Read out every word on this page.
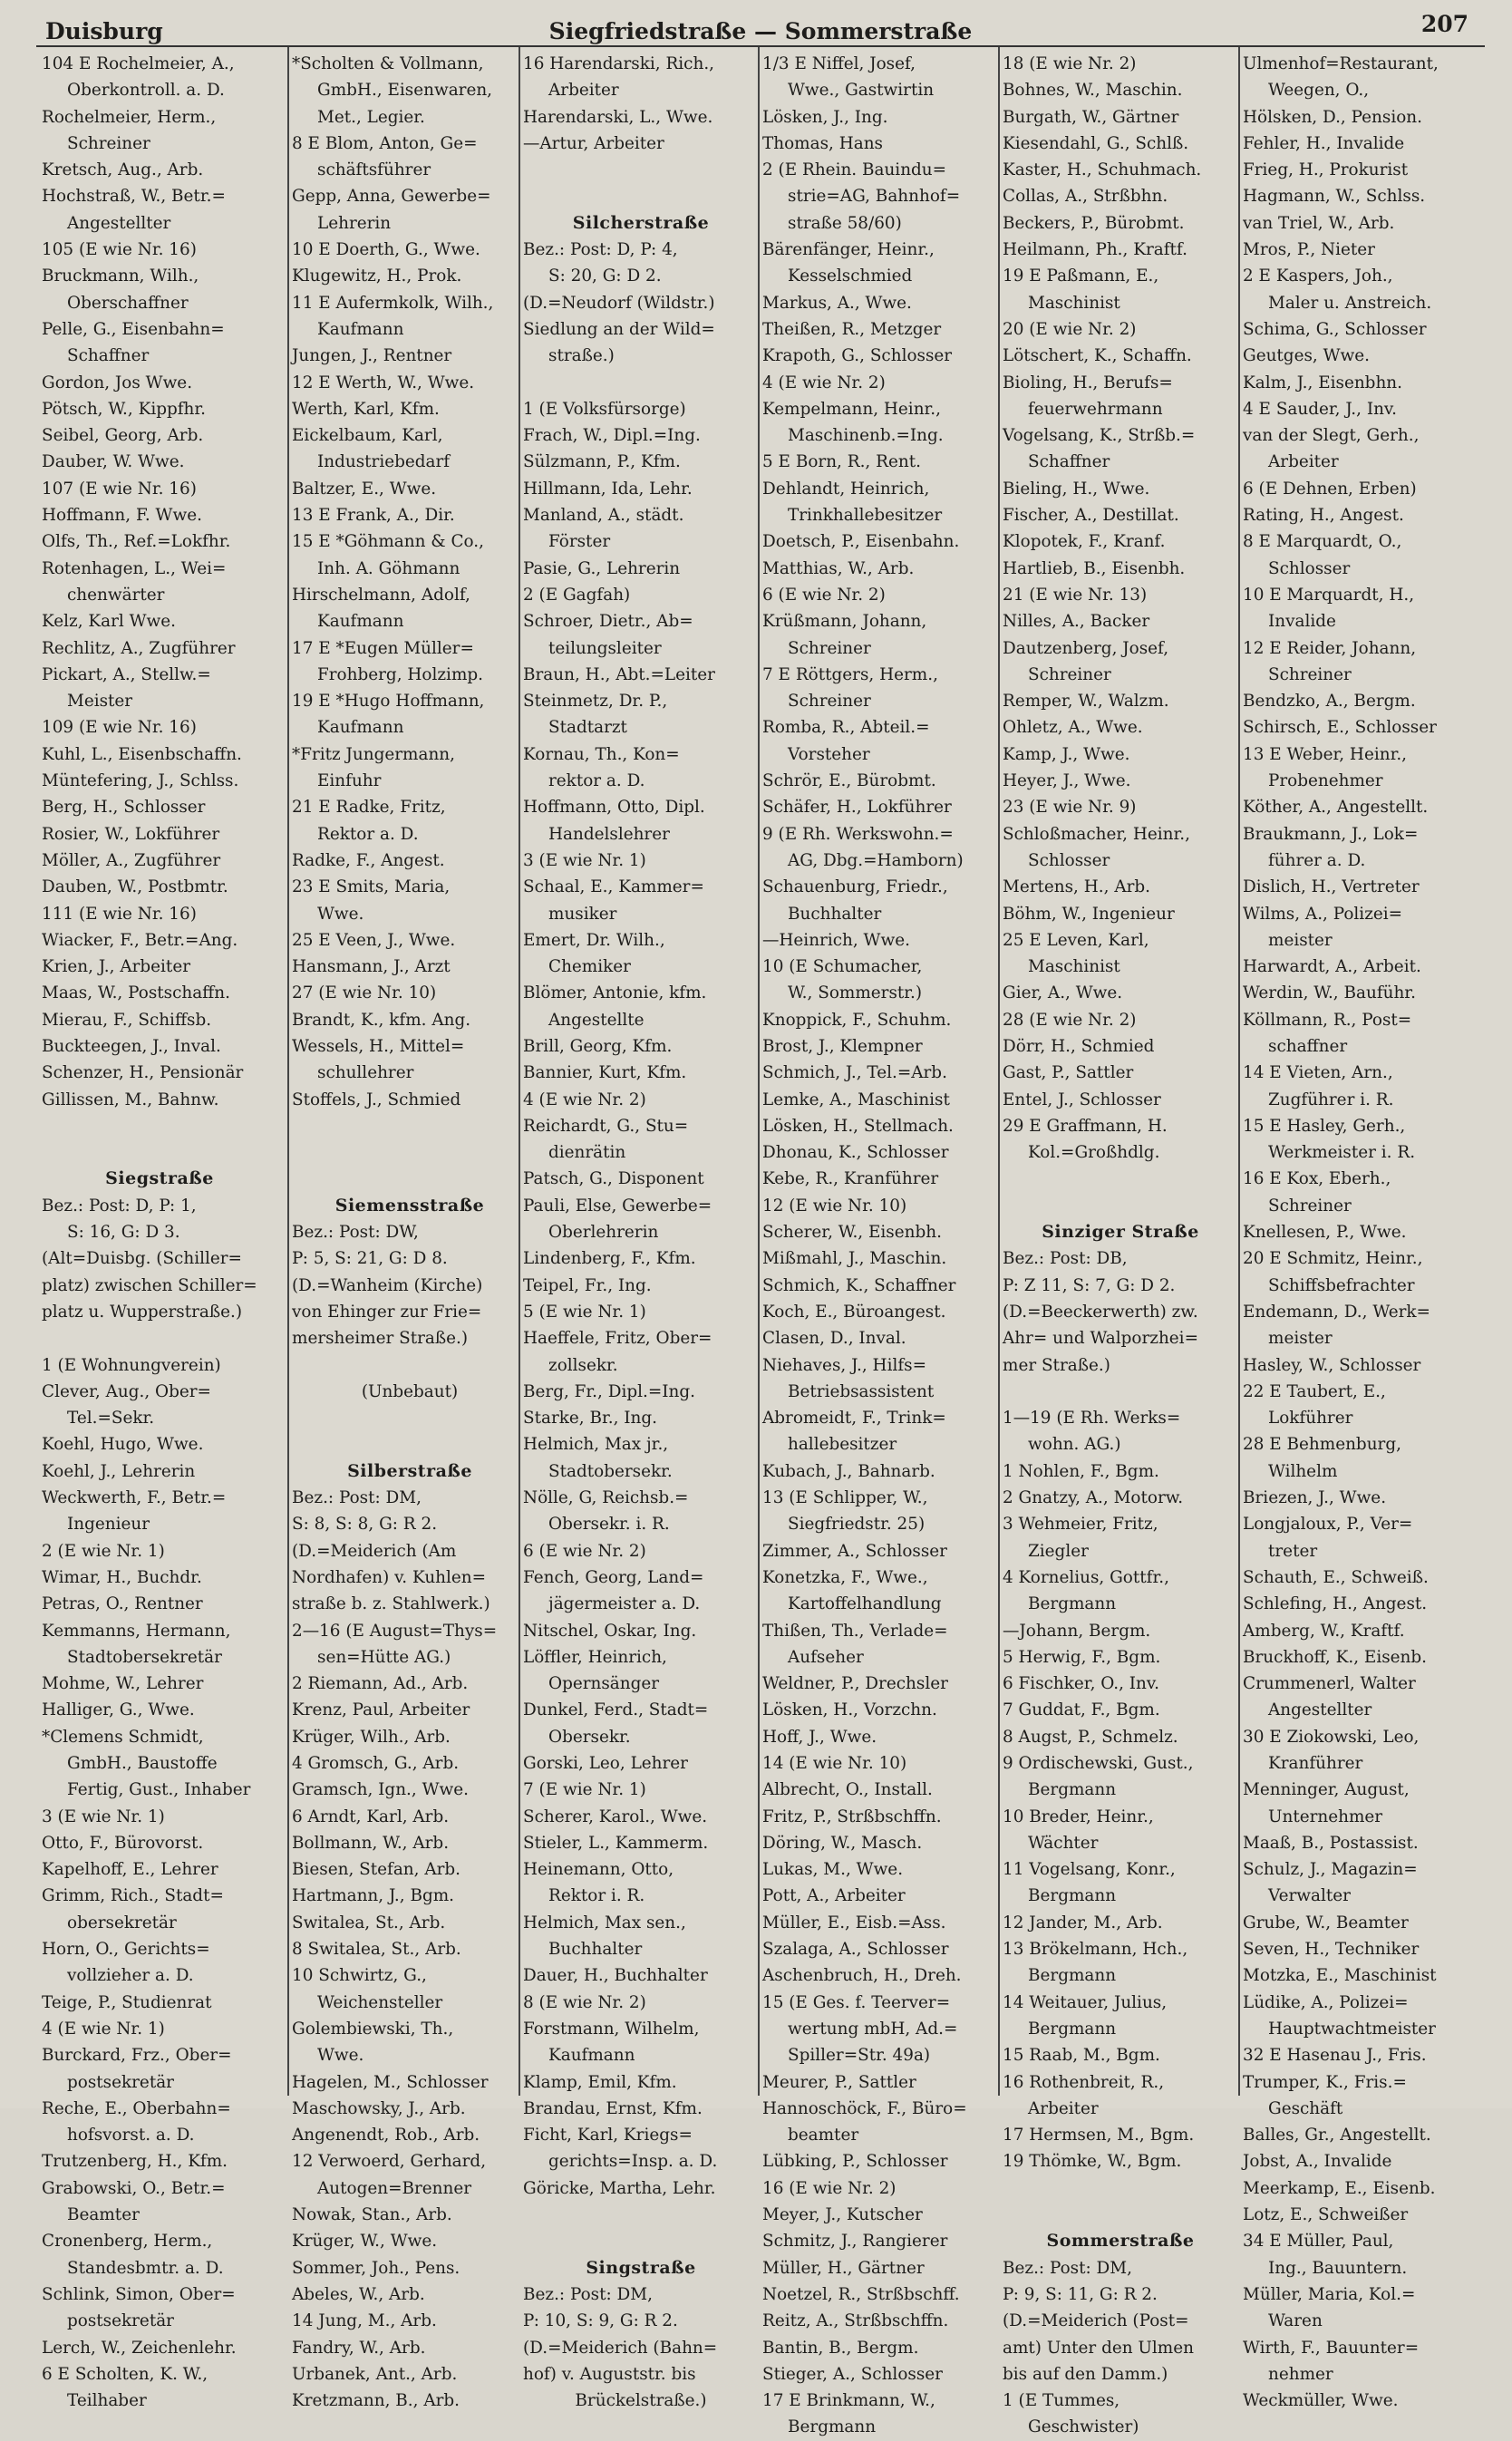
Duisburg	Siegfriedstraße — Sommerstraße	207
104 E Rochelmeier, A.,
Oberkontroll. a. D.
Rochelmeier, Herm.,
Schreiner
Kretsch, Aug., Arb.
Hochstraß, W., Betr.=
Angestellter
105 (E wie Nr. 16)
Bruckmann, Wilh.,
Oberschaffner
Pelle, G., Eisenbahn=
Schaffner
Gordon, Jos Wwe.
Pötsch, W., Kippfhr.
Seibel, Georg, Arb.
Dauber, W. Wwe.
107 (E wie Nr. 16)
Hoffmann, F. Wwe.
Olfs, Th., Ref.=Lokfhr.
Rotenhagen, L., Wei=
chenwärter
Kelz, Karl Wwe.
Rechlitz, A., Zugführer
Pickart, A., Stellw.=
Meister
109 (E wie Nr. 16)
Kuhl, L., Eisenbschaffn.
Müntefering, J., Schlss.
Berg, H., Schlosser
Rosier, W., Lokführer
Möller, A., Zugführer
Dauben, W., Postbmtr.
111 (E wie Nr. 16)
Wiacker, F., Betr.=Ang.
Krien, J., Arbeiter
Maas, W., Postschaffn.
Mierau, F., Schiffsb.
Buckteegen, J., Inval.
Schenzer, H., Pensionär
Gillissen, M., Bahnw.
Siegstraße
Bez.: Post: D, P: 1,
S: 16, G: D 3.
(Alt=Duisbg. (Schiller=
platz) zwischen Schiller=
platz u. Wupperstraße.)
1 (E Wohnungverein)
Clever, Aug., Ober=
Tel.=Sekr.
Koehl, Hugo, Wwe.
Koehl, J., Lehrerin
Weckwerth, F., Betr.=
Ingenieur
2 (E wie Nr. 1)
Wimar, H., Buchdr.
Petras, O., Rentner
Kemmanns, Hermann,
Stadtobersekretär
Mohme, W., Lehrer
Halliger, G., Wwe.
*Clemens Schmidt,
GmbH., Baustoffe
Fertig, Gust., Inhaber
3 (E wie Nr. 1)
Otto, F., Bürovorst.
Kapelhoff, E., Lehrer
Grimm, Rich., Stadt=
obersekretär
Horn, O., Gerichts=
vollzieher a. D.
Teige, P., Studienrat
4 (E wie Nr. 1)
Burckard, Frz., Ober=
postsekretär
Reche, E., Oberbahn=
hofsvorst. a. D.
Trutzenberg, H., Kfm.
Grabowski, O., Betr.=
Beamter
Cronenberg, Herm.,
Standesbmtr. a. D.
Schlink, Simon, Ober=
postsekretär
Lerch, W., Zeichenlehr.
6 E Scholten, K. W.,
Teilhaber
*Scholten & Vollmann,
GmbH., Eisenwaren,
Met., Legier.
8 E Blom, Anton, Ge=
schäftsführer
Gepp, Anna, Gewerbe=
Lehrerin
10 E Doerth, G., Wwe.
Klugewitz, H., Prok.
11 E Aufermkolk, Wilh.,
Kaufmann
Jungen, J., Rentner
12 E Werth, W., Wwe.
Werth, Karl, Kfm.
Eickelbaum, Karl,
Industriebedarf
Baltzer, E., Wwe.
13 E Frank, A., Dir.
15 E *Göhmann & Co.,
Inh. A. Göhmann
Hirschelmann, Adolf,
Kaufmann
17 E *Eugen Müller=
Frohberg, Holzimp.
19 E *Hugo Hoffmann,
Kaufmann
*Fritz Jungermann,
Einfuhr
21 E Radke, Fritz,
Rektor a. D.
Radke, F., Angest.
23 E Smits, Maria,
Wwe.
25 E Veen, J., Wwe.
Hansmann, J., Arzt
27 (E wie Nr. 10)
Brandt, K., kfm. Ang.
Wessels, H., Mittel=
schullehrer
Stoffels, J., Schmied
Siemensstraße
Bez.: Post: DW,
P: 5, S: 21, G: D 8.
(D.=Wanheim (Kirche)
von Ehinger zur Frie=
mersheimer Straße.)
(Unbebaut)
Silberstraße
Bez.: Post: DM,
S: 8, S: 8, G: R 2.
(D.=Meiderich (Am
Nordhafen) v. Kuhlen=
straße b. z. Stahlwerk.)
2—16 (E August=Thys=
sen=Hütte AG.)
2 Riemann, Ad., Arb.
Krenz, Paul, Arbeiter
Krüger, Wilh., Arb.
4 Gromsch, G., Arb.
Gramsch, Ign., Wwe.
6 Arndt, Karl, Arb.
Bollmann, W., Arb.
Biesen, Stefan, Arb.
Hartmann, J., Bgm.
Switalea, St., Arb.
8 Switalea, St., Arb.
10 Schwirtz, G.,
Weichensteller
Golembiewski, Th.,
Wwe.
Hagelen, M., Schlosser
Maschowsky, J., Arb.
Angenendt, Rob., Arb.
12 Verwoerd, Gerhard,
Autogen=Brenner
Nowak, Stan., Arb.
Krüger, W., Wwe.
Sommer, Joh., Pens.
Abeles, W., Arb.
14 Jung, M., Arb.
Fandry, W., Arb.
Urbanek, Ant., Arb.
Kretzmann, B., Arb.
16 Harendarski, Rich.,
Arbeiter
Harendarski, L., Wwe.
—Artur, Arbeiter
Silcherstraße
Bez.: Post: D, P: 4,
S: 20, G: D 2.
(D.=Neudorf (Wildstr.)
Siedlung an der Wild=
straße.)
1 (E Volksfürsorge)
Frach, W., Dipl.=Ing.
Sülzmann, P., Kfm.
Hillmann, Ida, Lehr.
Manland, A., städt.
Förster
Pasie, G., Lehrerin
2 (E Gagfah)
Schroer, Dietr., Ab=
teilungsleiter
Braun, H., Abt.=Leiter
Steinmetz, Dr. P.,
Stadtarzt
Kornau, Th., Kon=
rektor a. D.
Hoffmann, Otto, Dipl.
Handelslehrer
3 (E wie Nr. 1)
Schaal, E., Kammer=
musiker
Emert, Dr. Wilh.,
Chemiker
Blömer, Antonie, kfm.
Angestellte
Brill, Georg, Kfm.
Bannier, Kurt, Kfm.
4 (E wie Nr. 2)
Reichardt, G., Stu=
dienrätin
Patsch, G., Disponent
Pauli, Else, Gewerbe=
Oberlehrerin
Lindenberg, F., Kfm.
Teipel, Fr., Ing.
5 (E wie Nr. 1)
Haeffele, Fritz, Ober=
zollsekr.
Berg, Fr., Dipl.=Ing.
Starke, Br., Ing.
Helmich, Max jr.,
Stadtobersekr.
Nölle, G, Reichsb.=
Obersekr. i. R.
6 (E wie Nr. 2)
Fench, Georg, Land=
jägermeister a. D.
Nitschel, Oskar, Ing.
Löffler, Heinrich,
Opernsänger
Dunkel, Ferd., Stadt=
Obersekr.
Gorski, Leo, Lehrer
7 (E wie Nr. 1)
Scherer, Karol., Wwe.
Stieler, L., Kammerm.
Heinemann, Otto,
Rektor i. R.
Helmich, Max sen.,
Buchhalter
Dauer, H., Buchhalter
8 (E wie Nr. 2)
Forstmann, Wilhelm,
Kaufmann
Klamp, Emil, Kfm.
Brandau, Ernst, Kfm.
Ficht, Karl, Kriegs=
gerichts=Insp. a. D.
Göricke, Martha, Lehr.
Singstraße
Bez.: Post: DM,
P: 10, S: 9, G: R 2.
(D.=Meiderich (Bahn=
hof) v. Auguststr. bis
Brückelstraße.)
1/3 E Niffel, Josef,
Wwe., Gastwirtin
Lösken, J., Ing.
Thomas, Hans
2 (E Rhein. Bauindu=
strie=AG, Bahnhof=
straße 58/60)
Bärenfänger, Heinr.,
Kesselschmied
Markus, A., Wwe.
Theißen, R., Metzger
Krapoth, G., Schlosser
4 (E wie Nr. 2)
Kempelmann, Heinr.,
Maschinenb.=Ing.
5 E Born, R., Rent.
Dehlandt, Heinrich,
Trinkhallebesitzer
Doetsch, P., Eisenbahn.
Matthias, W., Arb.
6 (E wie Nr. 2)
Krüßmann, Johann,
Schreiner
7 E Röttgers, Herm.,
Schreiner
Romba, R., Abteil.=
Vorsteher
Schrör, E., Bürobmt.
Schäfer, H., Lokführer
9 (E Rh. Werkswohn.=
AG, Dbg.=Hamborn)
Schauenburg, Friedr.,
Buchhalter
—Heinrich, Wwe.
10 (E Schumacher,
W., Sommerstr.)
Knoppick, F., Schuhm.
Brost, J., Klempner
Schmich, J., Tel.=Arb.
Lemke, A., Maschinist
Lösken, H., Stellmach.
Dhonau, K., Schlosser
Kebe, R., Kranführer
12 (E wie Nr. 10)
Scherer, W., Eisenbh.
Mißmahl, J., Maschin.
Schmich, K., Schaffner
Koch, E., Büroangest.
Clasen, D., Inval.
Niehaves, J., Hilfs=
Betriebsassistent
Abromeidt, F., Trink=
hallebesitzer
Kubach, J., Bahnarb.
13 (E Schlipper, W.,
Siegfriedstr. 25)
Zimmer, A., Schlosser
Konetzka, F., Wwe.,
Kartoffelhandlung
Thißen, Th., Verlade=
Aufseher
Weldner, P., Drechsler
Lösken, H., Vorzchn.
Hoff, J., Wwe.
14 (E wie Nr. 10)
Albrecht, O., Install.
Fritz, P., Strßbschffn.
Döring, W., Masch.
Lukas, M., Wwe.
Pott, A., Arbeiter
Müller, E., Eisb.=Ass.
Szalaga, A., Schlosser
Aschenbruch, H., Dreh.
15 (E Ges. f. Teerver=
wertung mbH, Ad.=
Spiller=Str. 49a)
Meurer, P., Sattler
Hannoschöck, F., Büro=
beamter
Lübking, P., Schlosser
16 (E wie Nr. 2)
Meyer, J., Kutscher
Schmitz, J., Rangierer
Müller, H., Gärtner
Noetzel, R., Strßbschff.
Reitz, A., Strßbschffn.
Bantin, B., Bergm.
Stieger, A., Schlosser
17 E Brinkmann, W.,
Bergmann
18 (E wie Nr. 2)
Bohnes, W., Maschin.
Burgath, W., Gärtner
Kiesendahl, G., Schlß.
Kaster, H., Schuhmach.
Collas, A., Strßbhn.
Beckers, P., Bürobmt.
Heilmann, Ph., Kraftf.
19 E Paßmann, E.,
Maschinist
20 (E wie Nr. 2)
Lötschert, K., Schaffn.
Bioling, H., Berufs=
feuerwehrmann
Vogelsang, K., Strßb.=
Schaffner
Bieling, H., Wwe.
Fischer, A., Destillat.
Klopotek, F., Kranf.
Hartlieb, B., Eisenbh.
21 (E wie Nr. 13)
Nilles, A., Backer
Dautzenberg, Josef,
Schreiner
Remper, W., Walzm.
Ohletz, A., Wwe.
Kamp, J., Wwe.
Heyer, J., Wwe.
23 (E wie Nr. 9)
Schloßmacher, Heinr.,
Schlosser
Mertens, H., Arb.
Böhm, W., Ingenieur
25 E Leven, Karl,
Maschinist
Gier, A., Wwe.
28 (E wie Nr. 2)
Dörr, H., Schmied
Gast, P., Sattler
Entel, J., Schlosser
29 E Graffmann, H.
Kol.=Großhdlg.
Sinziger Straße
Bez.: Post: DB,
P: Z 11, S: 7, G: D 2.
(D.=Beeckerwerth) zw.
Ahr= und Walporzhei=
mer Straße.)
1—19 (E Rh. Werks=
wohn. AG.)
1 Nohlen, F., Bgm.
2 Gnatzy, A., Motorw.
3 Wehmeier, Fritz,
Ziegler
4 Kornelius, Gottfr.,
Bergmann
—Johann, Bergm.
5 Herwig, F., Bgm.
6 Fischker, O., Inv.
7 Guddat, F., Bgm.
8 Augst, P., Schmelz.
9 Ordischewski, Gust.,
Bergmann
10 Breder, Heinr.,
Wächter
11 Vogelsang, Konr.,
Bergmann
12 Jander, M., Arb.
13 Brökelmann, Hch.,
Bergmann
14 Weitauer, Julius,
Bergmann
15 Raab, M., Bgm.
16 Rothenbreit, R.,
Arbeiter
17 Hermsen, M., Bgm.
19 Thömke, W., Bgm.
Sommerstraße
Bez.: Post: DM,
P: 9, S: 11, G: R 2.
(D.=Meiderich (Post=
amt) Unter den Ulmen
bis auf den Damm.)
1 (E Tummes,
Geschwister)
Ulmenhof=Restaurant,
Weegen, O.,
Hölsken, D., Pension.
Fehler, H., Invalide
Frieg, H., Prokurist
Hagmann, W., Schlss.
van Triel, W., Arb.
Mros, P., Nieter
2 E Kaspers, Joh.,
Maler u. Anstreich.
Schima, G., Schlosser
Geutges, Wwe.
Kalm, J., Eisenbhn.
4 E Sauder, J., Inv.
van der Slegt, Gerh.,
Arbeiter
6 (E Dehnen, Erben)
Rating, H., Angest.
8 E Marquardt, O.,
Schlosser
10 E Marquardt, H.,
Invalide
12 E Reider, Johann,
Schreiner
Bendzko, A., Bergm.
Schirsch, E., Schlosser
13 E Weber, Heinr.,
Probenehmer
Köther, A., Angestellt.
Braukmann, J., Lok=
führer a. D.
Dislich, H., Vertreter
Wilms, A., Polizei=
meister
Harwardt, A., Arbeit.
Werdin, W., Bauführ.
Köllmann, R., Post=
schaffner
14 E Vieten, Arn.,
Zugführer i. R.
15 E Hasley, Gerh.,
Werkmeister i. R.
16 E Kox, Eberh.,
Schreiner
Knellesen, P., Wwe.
20 E Schmitz, Heinr.,
Schiffsbefrachter
Endemann, D., Werk=
meister
Hasley, W., Schlosser
22 E Taubert, E.,
Lokführer
28 E Behmenburg,
Wilhelm
Briezen, J., Wwe.
Longjaloux, P., Ver=
treter
Schauth, E., Schweiß.
Schlefing, H., Angest.
Amberg, W., Kraftf.
Bruckhoff, K., Eisenb.
Crummenerl, Walter
Angestellter
30 E Ziokowski, Leo,
Kranführer
Menninger, August,
Unternehmer
Maaß, B., Postassist.
Schulz, J., Magazin=
Verwalter
Grube, W., Beamter
Seven, H., Techniker
Motzka, E., Maschinist
Lüdike, A., Polizei=
Hauptwachtmeister
32 E Hasenau J., Fris.
Trumper, K., Fris.=
Geschäft
Balles, Gr., Angestellt.
Jobst, A., Invalide
Meerkamp, E., Eisenb.
Lotz, E., Schweißer
34 E Müller, Paul,
Ing., Bauuntern.
Müller, Maria, Kol.=
Waren
Wirth, F., Bauunter=
nehmer
Weckmüller, Wwe.
